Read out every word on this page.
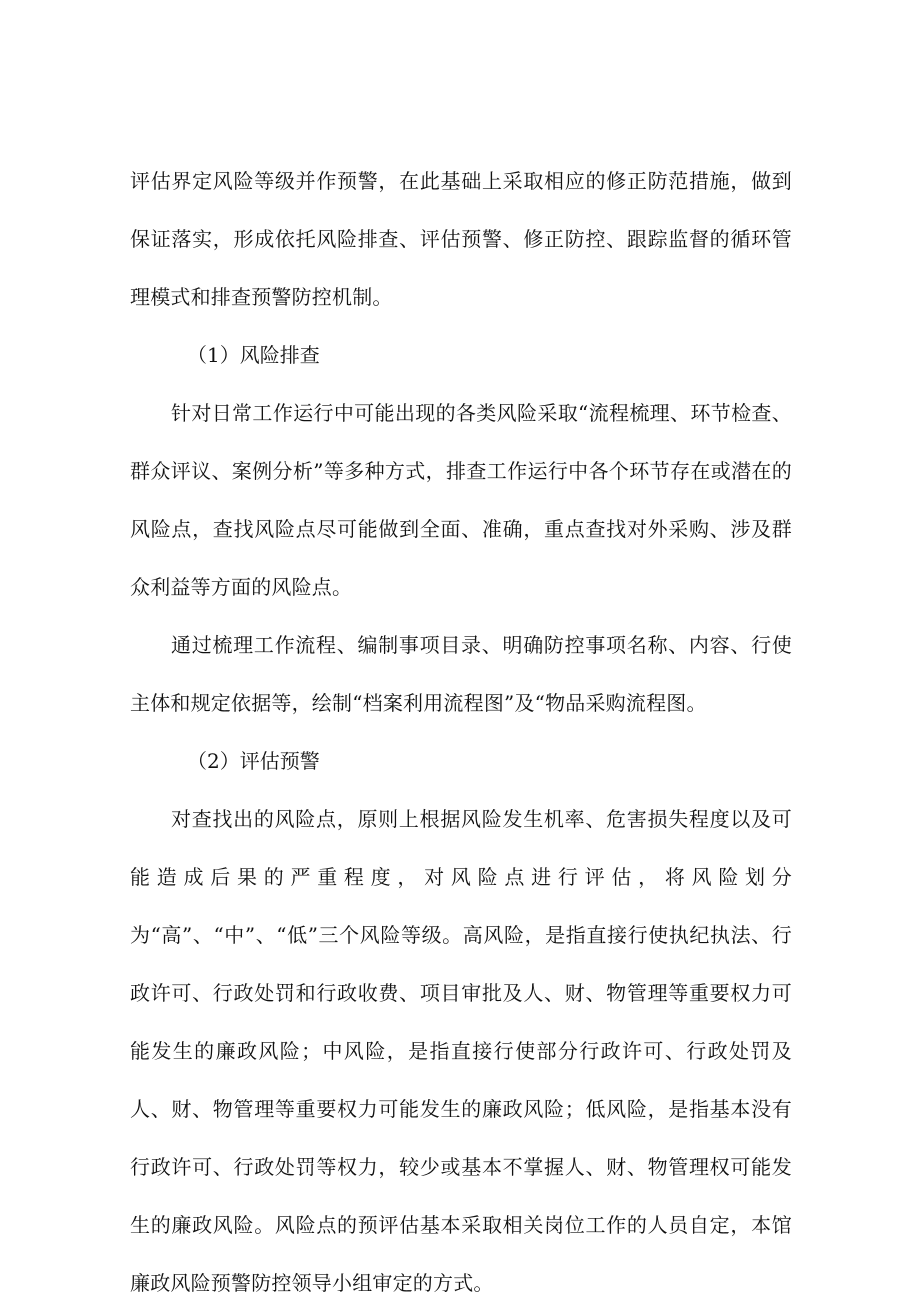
评估界定风险等级并作预警，在此基础上采取相应的修正防范措施，做到保证落实，形成依托风险排查、评估预警、修正防控、跟踪监督的循环管理模式和排查预警防控机制。

（1）风险排查

针对日常工作运行中可能出现的各类风险采取“流程梳理、环节检查、群众评议、案例分析”等多种方式，排查工作运行中各个环节存在或潜在的风险点，查找风险点尽可能做到全面、准确，重点查找对外采购、涉及群众利益等方面的风险点。

通过梳理工作流程、编制事项目录、明确防控事项名称、内容、行使主体和规定依据等，绘制“档案利用流程图”及“物品采购流程图。

（2）评估预警

对查找出的风险点，原则上根据风险发生机率、危害损失程度以及可能造成后果的严重程度，对风险点进行评估，将风险划分为“高”、“中”、“低”三个风险等级。高风险，是指直接行使执纪执法、行政许可、行政处罚和行政收费、项目审批及人、财、物管理等重要权力可能发生的廉政风险；中风险，是指直接行使部分行政许可、行政处罚及人、财、物管理等重要权力可能发生的廉政风险；低风险，是指基本没有行政许可、行政处罚等权力，较少或基本不掌握人、财、物管理权可能发生的廉政风险。风险点的预评估基本采取相关岗位工作的人员自定，本馆廉政风险预警防控领导小组审定的方式。
